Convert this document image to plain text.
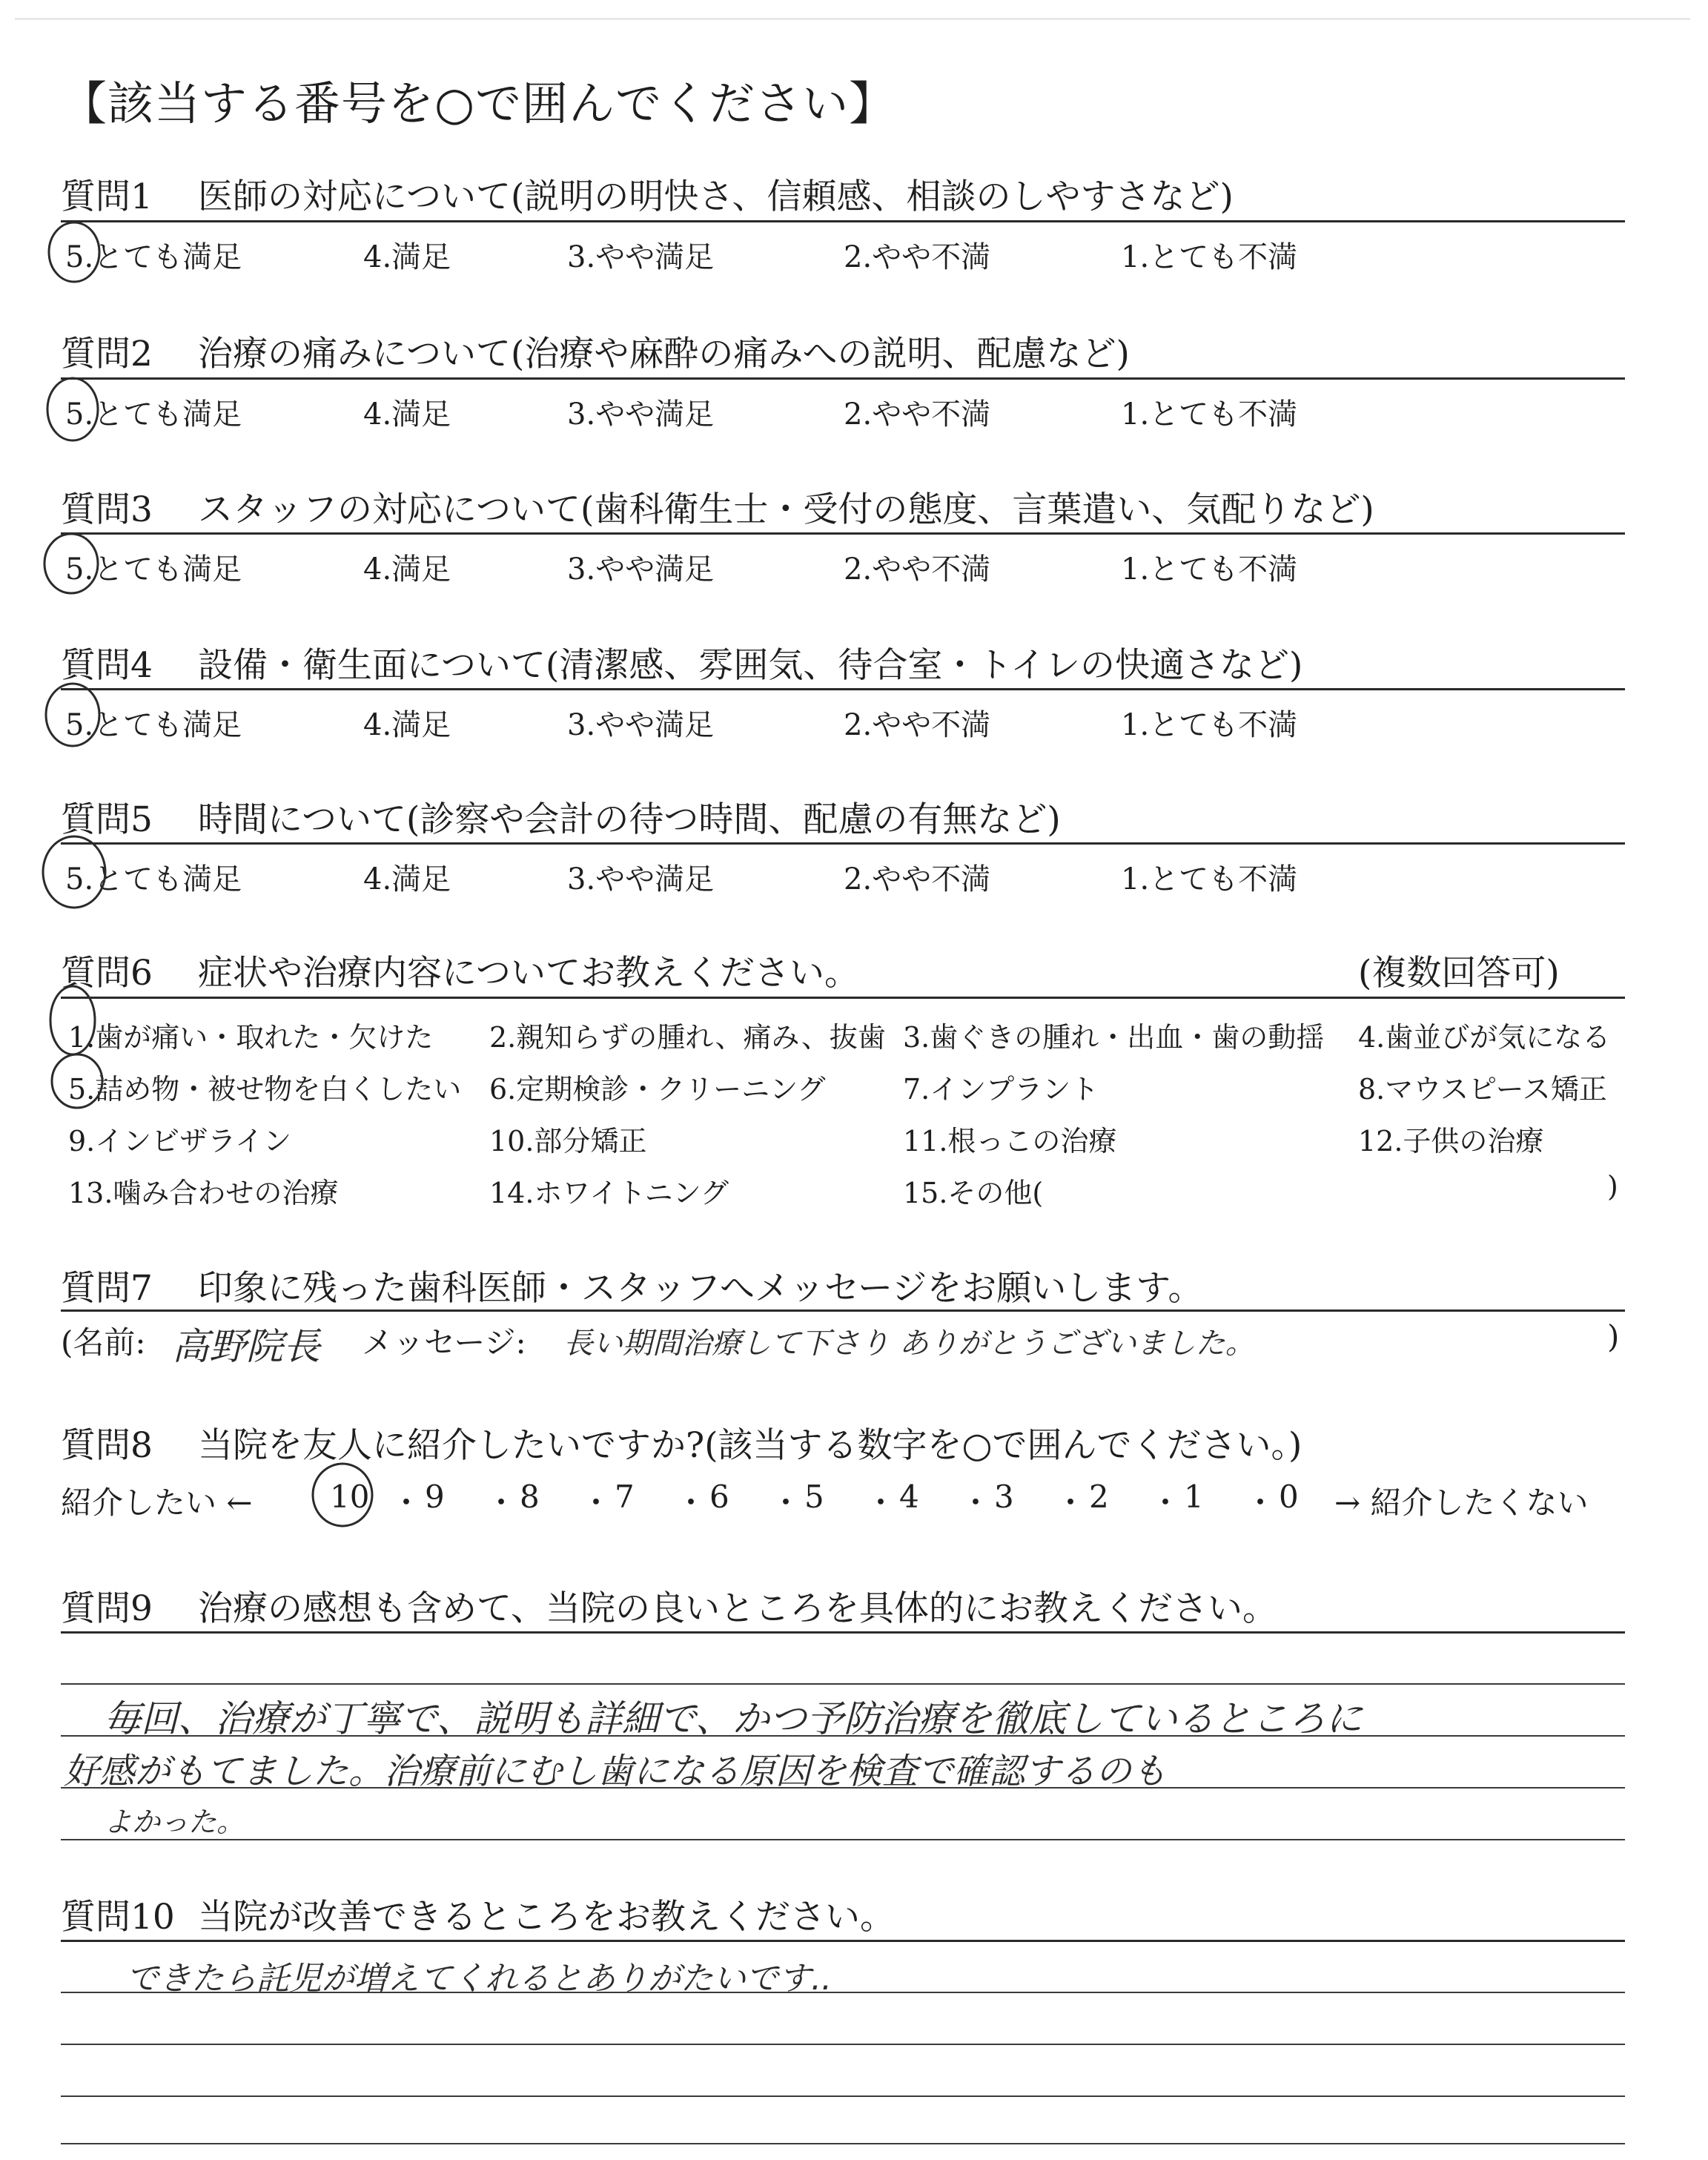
【該当する番号を○で囲んでください】
質問1 医師の対応について(説明の明快さ、信頼感、相談のしやすさなど)
5.とても満足	4.満足	3.やや満足	2.やや不満	1.とても不満
質問2 治療の痛みについて(治療や麻酔の痛みへの説明、配慮など)
5.とても満足	4.満足	3.やや満足	2.やや不満	1.とても不満
質問3 スタッフの対応について(歯科衛生士・受付の態度、言葉遣い、気配りなど)
5.とても満足	4.満足	3.やや満足	2.やや不満	1.とても不満
質問4 設備・衛生面について(清潔感、雰囲気、待合室・トイレの快適さなど)
5.とても満足	4.満足	3.やや満足	2.やや不満	1.とても不満
質問5 時間について(診察や会計の待つ時間、配慮の有無など)
5.とても満足	4.満足	3.やや満足	2.やや不満	1.とても不満
質問6 症状や治療内容についてお教えください。	(複数回答可)
1.歯が痛い・取れた・欠けた 2.親知らずの腫れ、痛み、抜歯 3.歯ぐきの腫れ・出血・歯の動揺 4.歯並びが気になる
5.詰め物・被せ物を白くしたい 6.定期検診・クリーニング	7.インプラント	8.マウスピース矯正
9.インビザライン	10.部分矯正	11.根っこの治療	12.子供の治療
13.噛み合わせの治療	14.ホワイトニング	15.その他(	)
質問7 印象に残った歯科医師・スタッフへメッセージをお願いします。
(名前: 高野院長 メッセージ: 長い期間治療して下さり ありがとうございました。	)
質問8 当院を友人に紹介したいですか?(該当する数字を○で囲んでください。)
紹介したい ← 10 ・ 9 ・ 8 ・ 7 ・ 6 ・ 5 ・ 4 ・ 3 ・ 2 ・ 1 ・ 0 → 紹介したくない
質問9 治療の感想も含めて、当院の良いところを具体的にお教えください。
毎回、治療が丁寧で、説明も詳細で、かつ予防治療を徹底しているところに
好感がもてました。治療前にむし歯になる原因を検査で確認するのも
よかった。
質問10 当院が改善できるところをお教えください。
できたら託児が増えてくれるとありがたいです..
